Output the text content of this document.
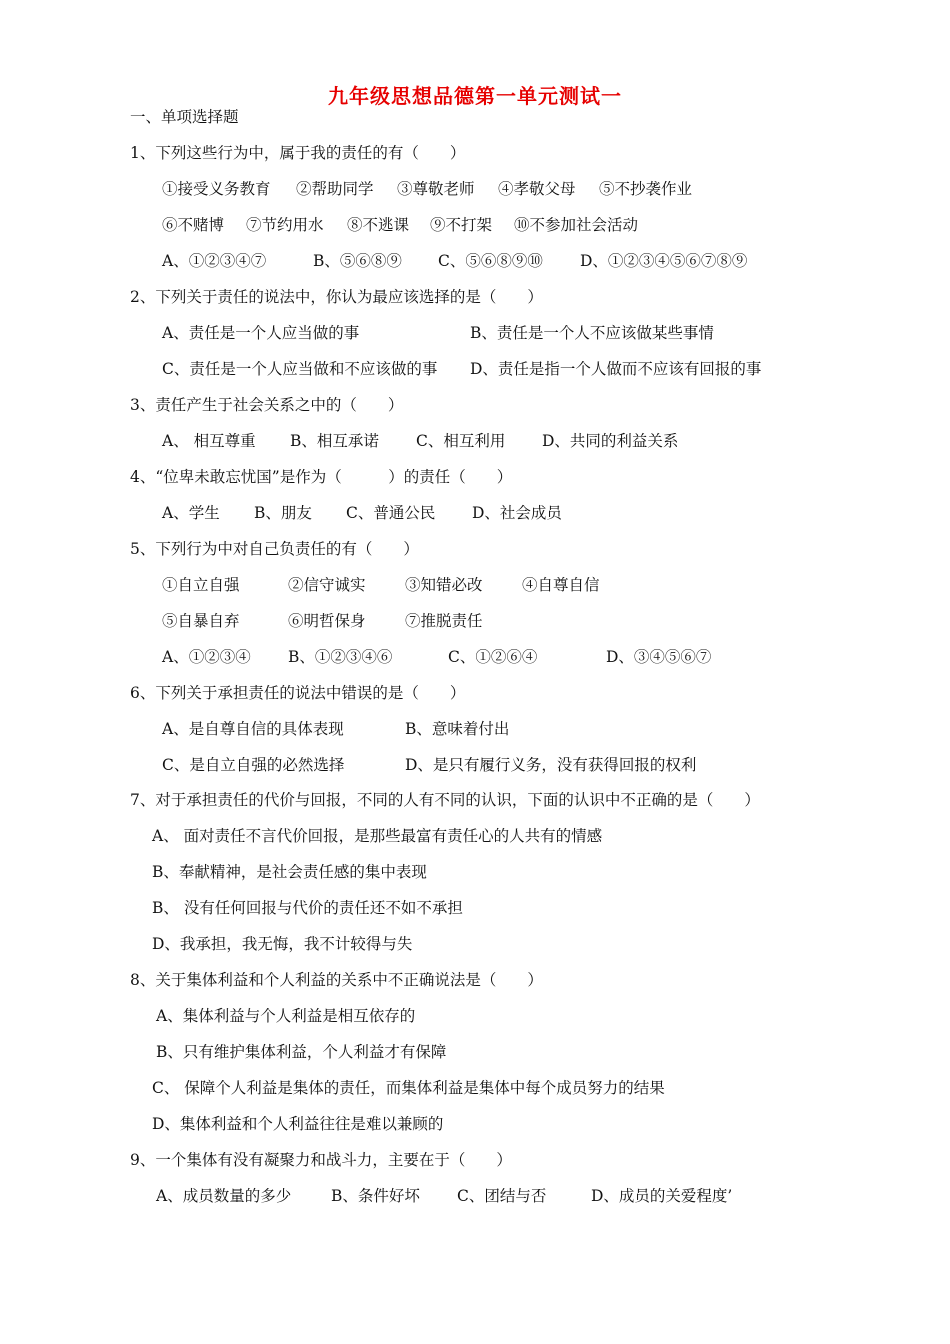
九年级思想品德第一单元测试一
一、单项选择题
1、下列这些行为中，属于我的责任的有（　　）
①接受义务教育 ②帮助同学 ③尊敬老师 ④孝敬父母 ⑤不抄袭作业
⑥不赌博 ⑦节约用水 ⑧不逃课 ⑨不打架 ⑩不参加社会活动
A、①②③④⑦	B、⑤⑥⑧⑨ C、⑤⑥⑧⑨⑩ D、①②③④⑤⑥⑦⑧⑨
2、下列关于责任的说法中，你认为最应该选择的是（　　）
A、责任是一个人应当做的事	B、责任是一个人不应该做某些事情
C、责任是一个人应当做和不应该做的事 D、责任是指一个人做而不应该有回报的事
3、责任产生于社会关系之中的（　　）
A、 相互尊重 B、相互承诺 C、相互利用 D、共同的利益关系
4、“位卑未敢忘忧国”是作为（　　　）的责任（　　）
A、学生 B、朋友 C、普通公民 D、社会成员
5、下列行为中对自己负责任的有（　　）
①自立自强	②信守诚实	③知错必改	④自尊自信
⑤自暴自弃	⑥明哲保身	⑦推脱责任
A、①②③④ B、①②③④⑥	C、①②⑥④	D、③④⑤⑥⑦
6、下列关于承担责任的说法中错误的是（　　）
A、是自尊自信的具体表现	B、意味着付出
C、是自立自强的必然选择	D、是只有履行义务，没有获得回报的权利
7、对于承担责任的代价与回报，不同的人有不同的认识，下面的认识中不正确的是（　　）
A、 面对责任不言代价回报，是那些最富有责任心的人共有的情感
B、奉献精神，是社会责任感的集中表现
B、 没有任何回报与代价的责任还不如不承担
D、我承担，我无悔，我不计较得与失
8、关于集体利益和个人利益的关系中不正确说法是（　　）
A、集体利益与个人利益是相互依存的
B、只有维护集体利益，个人利益才有保障
C、 保障个人利益是集体的责任，而集体利益是集体中每个成员努力的结果
D、集体利益和个人利益往往是难以兼顾的
9、一个集体有没有凝聚力和战斗力，主要在于（　　）
A、成员数量的多少	B、条件好坏 C、团结与否	D、成员的关爱程度’
